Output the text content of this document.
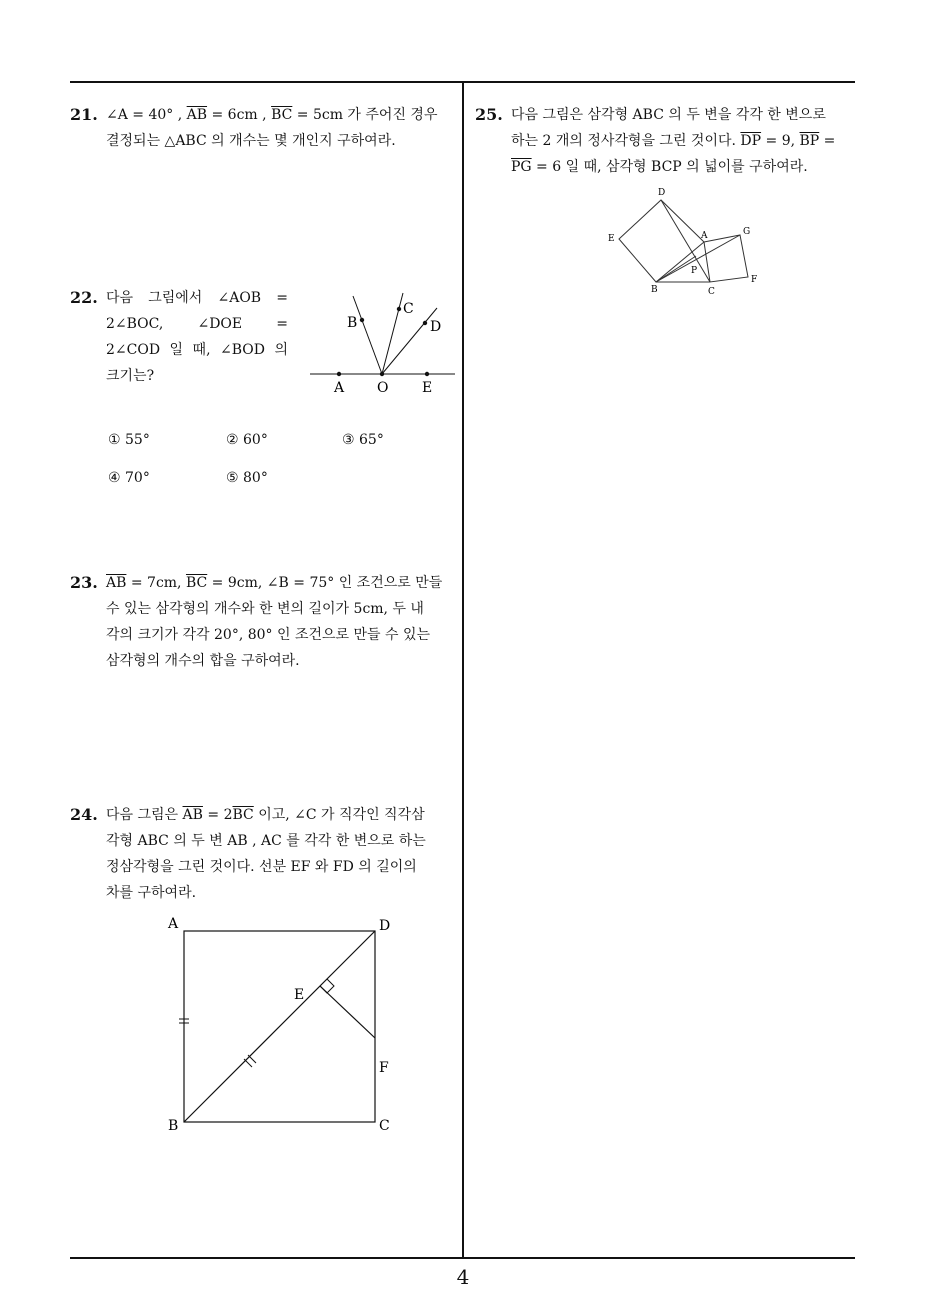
21. ∠A = 40° , $\overline{AB} = 6cm$ , $\overline{BC} = 5cm$ 가 주어진 경우
결정되는 △ABC 의 개수는 몇 개인지 구하여라.
22. 다음 그림에서 ∠AOB =
2∠BOC, ∠DOE =
2∠COD 일 때, ∠BOD 의

크기는?
A O E
B
C
D
① 55°	② 60°	③ 65°
④ 70°	⑤ 80°
23. $\overline{AB} = 7cm$, $\overline{BC} = 9cm$, ∠B = 75° 인 조건으로 만들
수 있는 삼각형의 개수와 한 변의 길이가 5cm, 두 내
각의 크기가 각각 20°, 80° 인 조건으로 만들 수 있는
삼각형의 개수의 합을 구하여라.
24. 다음 그림은 $\overline{AB} = 2\overline{BC}$ 이고, ∠C 가 직각인 직각삼
각형 ABC 의 두 변 AB , AC 를 각각 한 변으로 하는
정삼각형을 그린 것이다. 선분 EF 와 FD 의 길이의
차를 구하여라.
A	D
E
F
B	C
25. 다음 그림은 삼각형 ABC 의 두 변을 각각 한 변으로
하는 2 개의 정사각형을 그린 것이다. $\overline{DP} = 9$, $\overline{BP}$ =
$\overline{PG} = 6$ 일 때, 삼각형 BCP 의 넓이를 구하여라.
D
E	A	G
P
B	C
F
4
